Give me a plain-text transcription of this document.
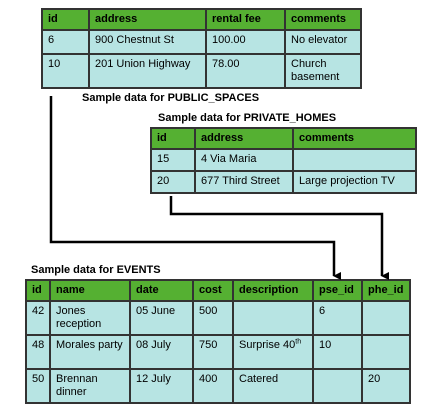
id	address	rental fee	comments
6	900 Chestnut St	100.00	No elevator
10	201 Union Highway	78.00	Church basement
Sample data for PUBLIC_SPACES
Sample data for PRIVATE_HOMES
id	address	comments
15	4 Via Maria	
20	677 Third Street	Large projection TV
Sample data for EVENTS
id	name	date	cost	description	pse_id	phe_id
42	Jones reception	05 June	500		6	
48	Morales party	08 July	750	Surprise 40th	10	
50	Brennan dinner	12 July	400	Catered		20
